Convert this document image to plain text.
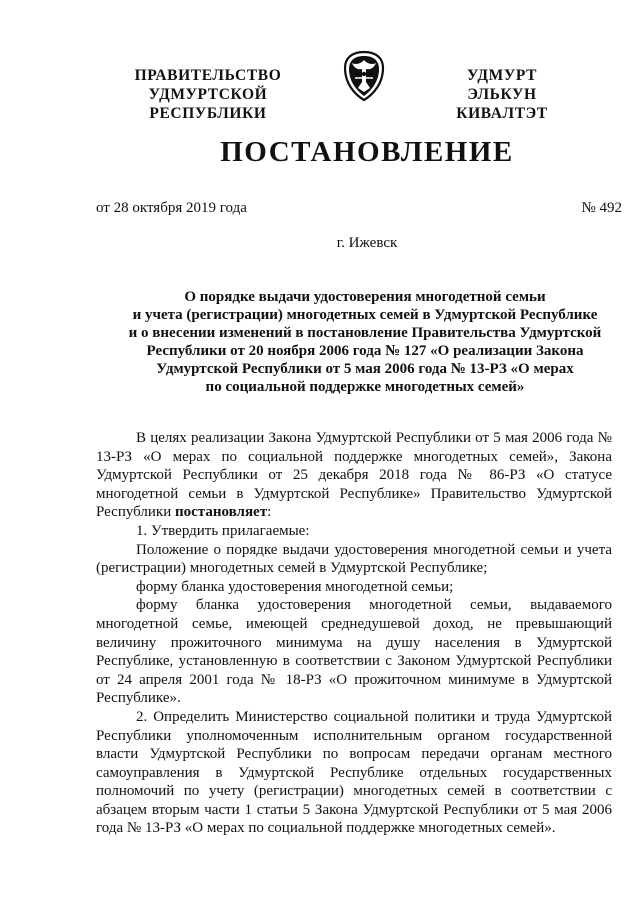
ПРАВИТЕЛЬСТВО
УДМУРТСКОЙ РЕСПУБЛИКИ
УДМУРТ ЭЛЬКУН
КИВАЛТЭТ
ПОСТАНОВЛЕНИЕ
от 28 октября 2019 года	№ 492
г. Ижевск
О порядке выдачи удостоверения многодетной семьи
и учета (регистрации) многодетных семей в Удмуртской Республике
и о внесении изменений в постановление Правительства Удмуртской
Республики от 20 ноября 2006 года № 127 «О реализации Закона
Удмуртской Республики от 5 мая 2006 года № 13-РЗ «О мерах
по социальной поддержке многодетных семей»

В целях реализации Закона Удмуртской Республики от 5 мая 2006 года № 13-РЗ «О мерах по социальной поддержке многодетных семей», Закона Удмуртской Республики от 25 декабря 2018 года № 86-РЗ «О статусе многодетной семьи в Удмуртской Республике» Правительство Удмуртской Республики постановляет:

1. Утвердить прилагаемые:

Положение о порядке выдачи удостоверения многодетной семьи и учета (регистрации) многодетных семей в Удмуртской Республике;

форму бланка удостоверения многодетной семьи;

форму бланка удостоверения многодетной семьи, выдаваемого многодетной семье, имеющей среднедушевой доход, не превышающий величину прожиточного минимума на душу населения в Удмуртской Республике, установленную в соответствии с Законом Удмуртской Республики от 24 апреля 2001 года № 18-РЗ «О прожиточном минимуме в Удмуртской Республике».

2. Определить Министерство социальной политики и труда Удмуртской Республики уполномоченным исполнительным органом государственной власти Удмуртской Республики по вопросам передачи органам местного самоуправления в Удмуртской Республике отдельных государственных полномочий по учету (регистрации) многодетных семей в соответствии с абзацем вторым части 1 статьи 5 Закона Удмуртской Республики от 5 мая 2006 года № 13-РЗ «О мерах по социальной поддержке многодетных семей».
